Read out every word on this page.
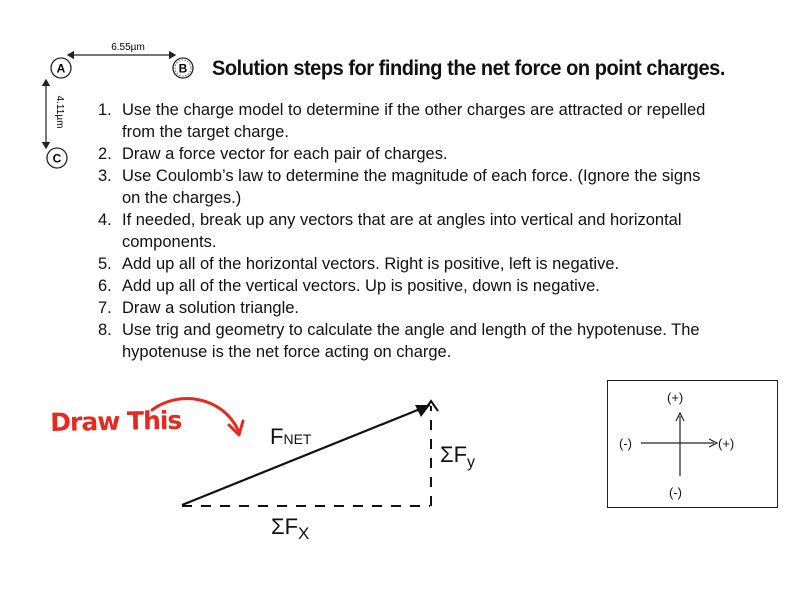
A	B
C
6.55µm
4.11µm
Solution steps for finding the net force on point charges.
1. Use the charge model to determine if the other charges are attracted or repelled from the target charge.
2. Draw a force vector for each pair of charges.
3. Use Coulomb’s law to determine the magnitude of each force. (Ignore the signs on the charges.)
4. If needed, break up any vectors that are at angles into vertical and horizontal components.
5. Add up all of the horizontal vectors. Right is positive, left is negative.
6. Add up all of the vertical vectors. Up is positive, down is negative.
7. Draw a solution triangle.
8. Use trig and geometry to calculate the angle and length of the hypotenuse. The hypotenuse is the net force acting on charge.
Draw This	FNET
$\Sigma F_y$
$\Sigma F_X$
(+)
(-)
(-)	(+)
